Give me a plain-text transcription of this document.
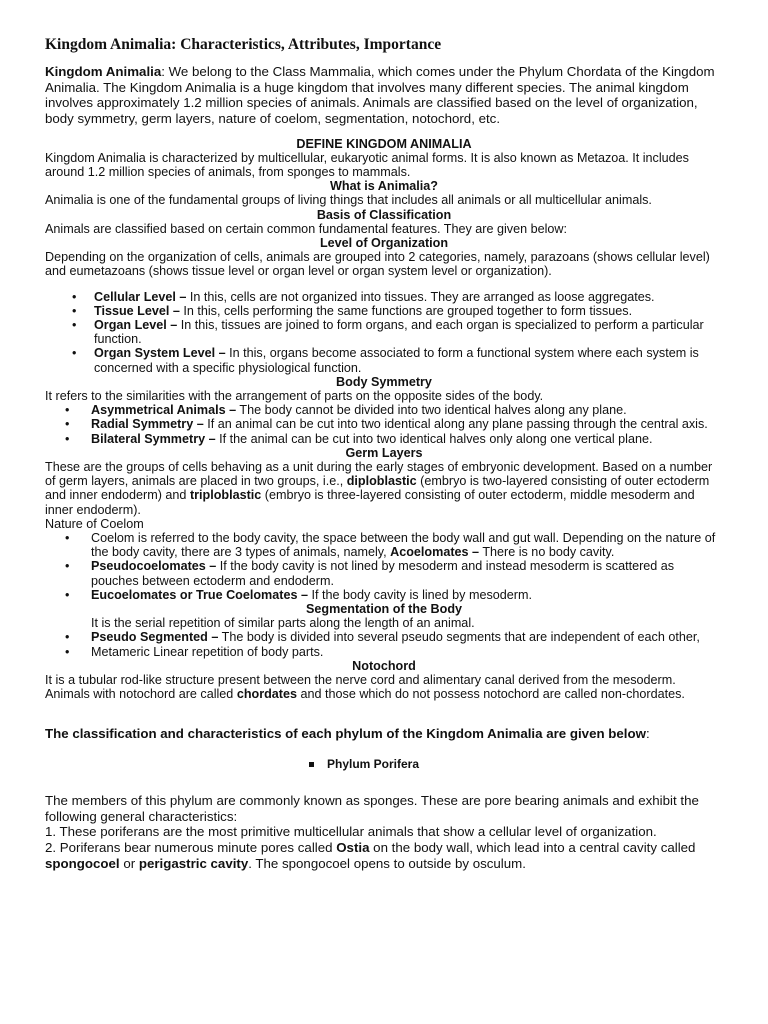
Kingdom Animalia: Characteristics, Attributes, Importance

Kingdom Animalia: We belong to the Class Mammalia, which comes under the Phylum Chordata of the Kingdom Animalia. The Kingdom Animalia is a huge kingdom that involves many different species. The animal kingdom involves approximately 1.2 million species of animals. Animals are classified based on the level of organization, body symmetry, germ layers, nature of coelom, segmentation, notochord, etc.

DEFINE KINGDOM ANIMALIA

Kingdom Animalia is characterized by multicellular, eukaryotic animal forms. It is also known as Metazoa. It includes around 1.2 million species of animals, from sponges to mammals.

What is Animalia?

Animalia is one of the fundamental groups of living things that includes all animals or all multicellular animals.

Basis of Classification

Animals are classified based on certain common fundamental features. They are given below:

Level of Organization

Depending on the organization of cells, animals are grouped into 2 categories, namely, parazoans (shows cellular level) and eumetazoans (shows tissue level or organ level or organ system level or organization).

• Cellular Level – In this, cells are not organized into tissues. They are arranged as loose aggregates.
• Tissue Level – In this, cells performing the same functions are grouped together to form tissues.
• Organ Level – In this, tissues are joined to form organs, and each organ is specialized to perform a particular function.
• Organ System Level – In this, organs become associated to form a functional system where each system is concerned with a specific physiological function.
Body Symmetry

It refers to the similarities with the arrangement of parts on the opposite sides of the body.

• Asymmetrical Animals – The body cannot be divided into two identical halves along any plane.
• Radial Symmetry – If an animal can be cut into two identical along any plane passing through the central axis.
• Bilateral Symmetry – If the animal can be cut into two identical halves only along one vertical plane.
Germ Layers

These are the groups of cells behaving as a unit during the early stages of embryonic development. Based on a number of germ layers, animals are placed in two groups, i.e., diploblastic (embryo is two-layered consisting of outer ectoderm and inner endoderm) and triploblastic (embryo is three-layered consisting of outer ectoderm, middle mesoderm and inner endoderm).

Nature of Coelom

• Coelom is referred to the body cavity, the space between the body wall and gut wall. Depending on the nature of the body cavity, there are 3 types of animals, namely, Acoelomates – There is no body cavity.
• Pseudocoelomates – If the body cavity is not lined by mesoderm and instead mesoderm is scattered as pouches between ectoderm and endoderm.
• Eucoelomates or True Coelomates – If the body cavity is lined by mesoderm.
Segmentation of the Body

It is the serial repetition of similar parts along the length of an animal.

• Pseudo Segmented – The body is divided into several pseudo segments that are independent of each other,
• Metameric Linear repetition of body parts.
Notochord

It is a tubular rod-like structure present between the nerve cord and alimentary canal derived from the mesoderm. Animals with notochord are called chordates and those which do not possess notochord are called non-chordates.

The classification and characteristics of each phylum of the Kingdom Animalia are given below:

Phylum Porifera

The members of this phylum are commonly known as sponges. These are pore bearing animals and exhibit the following general characteristics:

1. These poriferans are the most primitive multicellular animals that show a cellular level of organization.

2. Poriferans bear numerous minute pores called Ostia on the body wall, which lead into a central cavity called spongocoel or perigastric cavity. The spongocoel opens to outside by osculum.
